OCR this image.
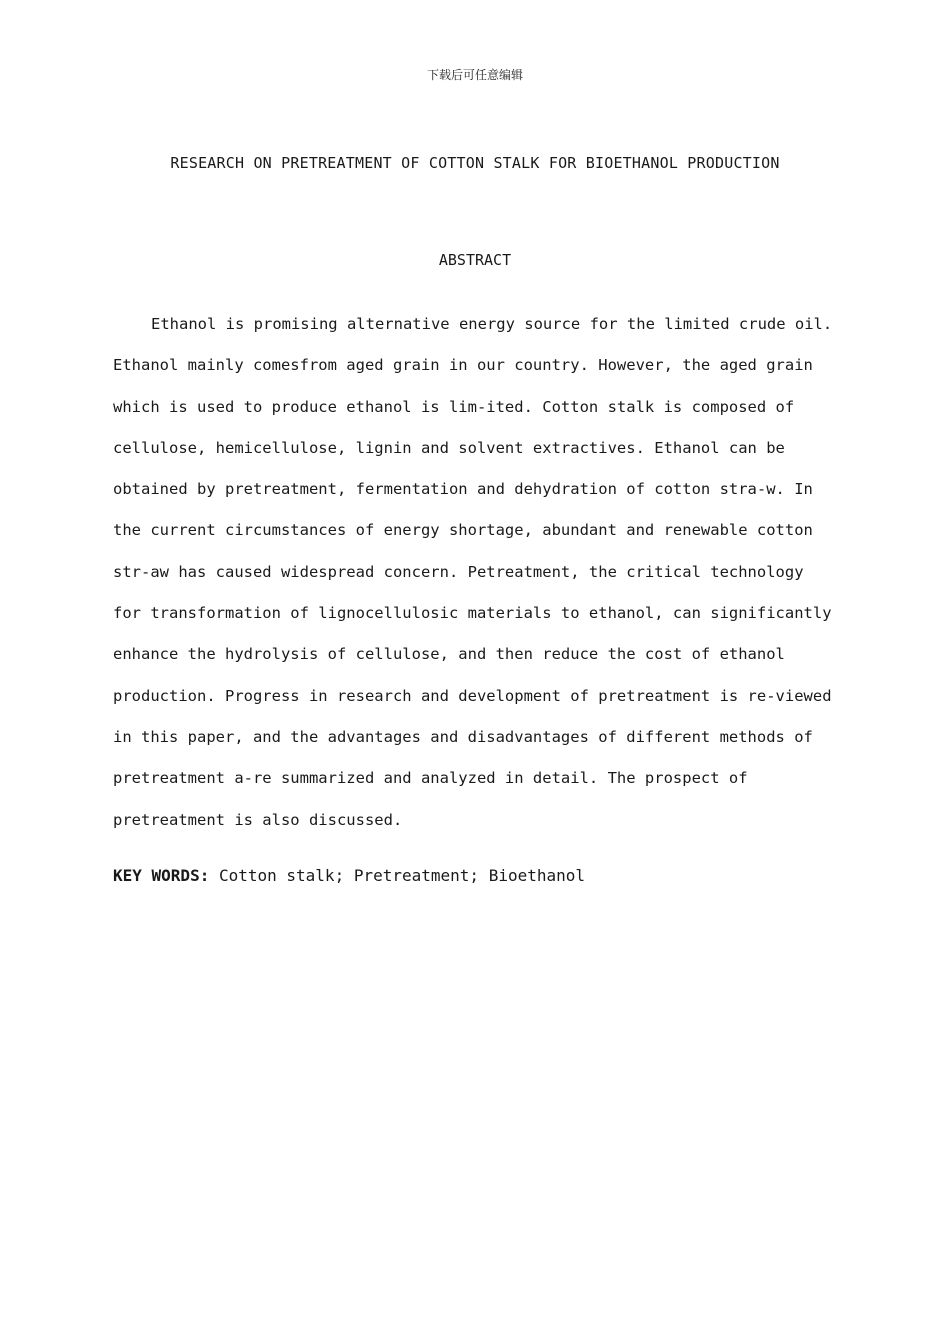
下载后可任意编辑
RESEARCH ON PRETREATMENT OF COTTON STALK FOR BIOETHANOL PRODUCTION
ABSTRACT

Ethanol is promising alternative energy source for the limited crude oil. Ethanol mainly comesfrom aged grain in our country. However, the aged grain which is used to produce ethanol is lim-ited. Cotton stalk is composed of cellulose, hemicellulose, lignin and solvent extractives. Ethanol can be obtained by pretreatment, fermentation and dehydration of cotton stra-w. In the current circumstances of energy shortage, abundant and renewable cotton str-aw has caused widespread concern. Petreatment, the critical technology for transformation of lignocellulosic materials to ethanol, can significantly enhance the hydrolysis of cellulose, and then reduce the cost of ethanol production. Progress in research and development of pretreatment is re-viewed in this paper, and the advantages and disadvantages of different methods of pretreatment a-re summarized and analyzed in detail. The prospect of pretreatment is also discussed.

KEY WORDS: Cotton stalk; Pretreatment; Bioethanol
